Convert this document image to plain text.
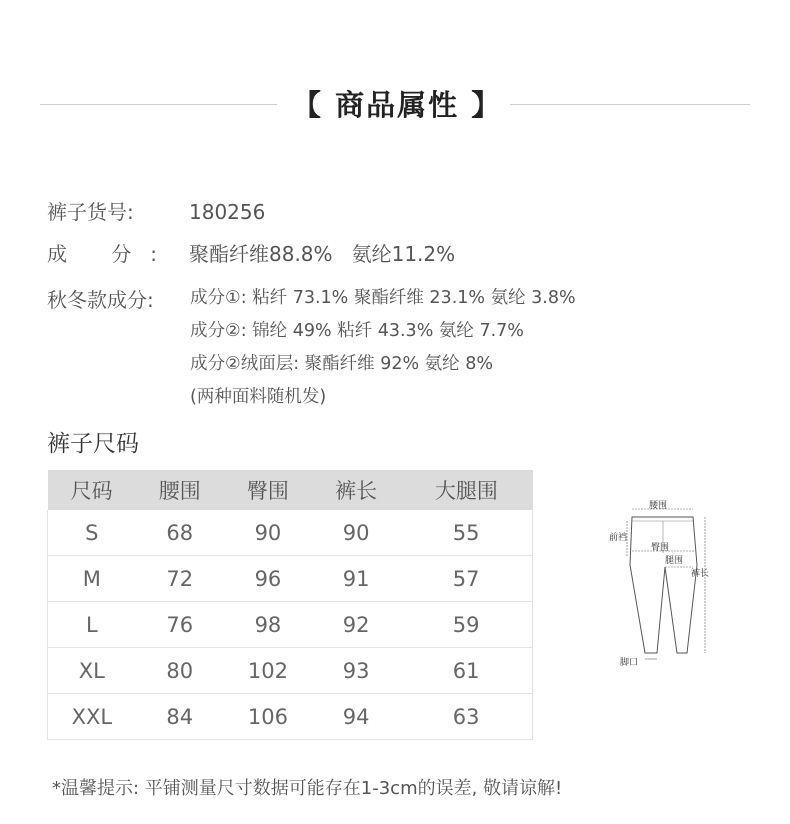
【 商品属性 】
裤子货号:	180256
成 分: 聚酯纤维88.8%   氨纶11.2%
秋冬款成分: 成分①: 粘纤 73.1% 聚酯纤维 23.1% 氨纶 3.8%
成分②: 锦纶 49% 粘纤 43.3% 氨纶 7.7%
成分②绒面层: 聚酯纤维 92% 氨纶 8%
(两种面料随机发)
裤子尺码
尺码	腰围	臀围	裤长	大腿围
S	68	90	90	55
M	72	96	91	57
L	76	98	92	59
XL	80	102	93	61
XXL	84	106	94	63
腰围
前裆
臀围
腿围
裤长
脚口
*温馨提示: 平铺测量尺寸数据可能存在1-3cm的误差, 敬请谅解!
